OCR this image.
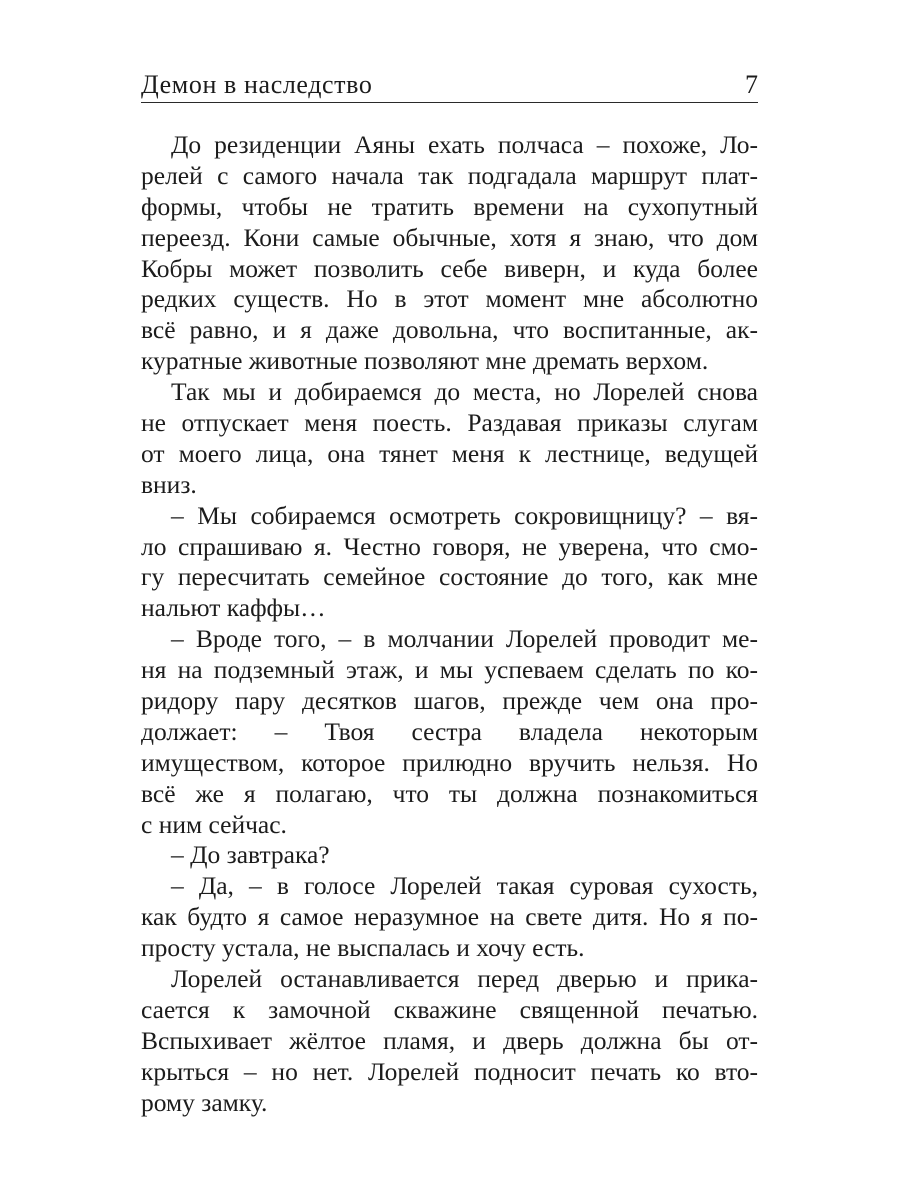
Демон в наследство	7
До резиденции Аяны ехать полчаса – похоже, Ло-
релей с самого начала так подгадала маршрут плат-
формы, чтобы не тратить времени на сухопутный
переезд. Кони самые обычные, хотя я знаю, что дом
Кобры может позволить себе виверн, и куда более
редких существ. Но в этот момент мне абсолютно
всё равно, и я даже довольна, что воспитанные, ак-
куратные животные позволяют мне дремать верхом.
Так мы и добираемся до места, но Лорелей снова
не отпускает меня поесть. Раздавая приказы слугам
от моего лица, она тянет меня к лестнице, ведущей
вниз.
– Мы собираемся осмотреть сокровищницу? – вя-
ло спрашиваю я. Честно говоря, не уверена, что смо-
гу пересчитать семейное состояние до того, как мне
нальют каффы…
– Вроде того, – в молчании Лорелей проводит ме-
ня на подземный этаж, и мы успеваем сделать по ко-
ридору пару десятков шагов, прежде чем она про-
должает: – Твоя сестра владела некоторым
имуществом, которое прилюдно вручить нельзя. Но
всё же я полагаю, что ты должна познакомиться
с ним сейчас.
– До завтрака?
– Да, – в голосе Лорелей такая суровая сухость,
как будто я самое неразумное на свете дитя. Но я по-
просту устала, не выспалась и хочу есть.
Лорелей останавливается перед дверью и прика-
сается к замочной скважине священной печатью.
Вспыхивает жёлтое пламя, и дверь должна бы от-
крыться – но нет. Лорелей подносит печать ко вто-
рому замку.
